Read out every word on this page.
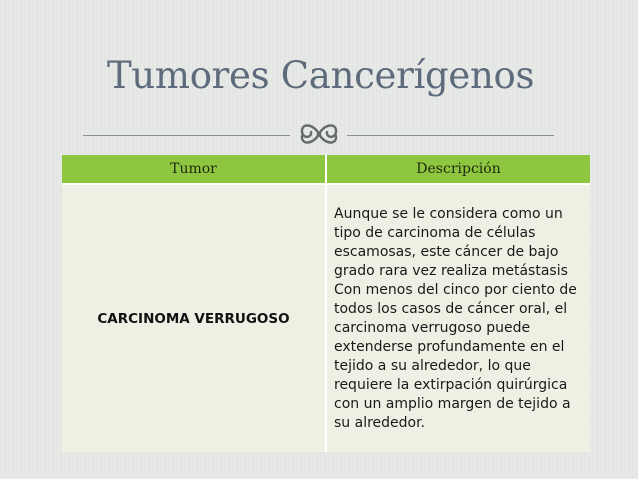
Tumores Cancerígenos
Tumor	Descripción
CARCINOMA VERRUGOSO	Aunque se le considera como un tipo de carcinoma de células escamosas, este cáncer de bajo grado rara vez realiza metástasis Con menos del cinco por ciento de todos los casos de cáncer oral, el carcinoma verrugoso puede extenderse profundamente en el tejido a su alrededor, lo que requiere la extirpación quirúrgica con un amplio margen de tejido a su alrededor.
